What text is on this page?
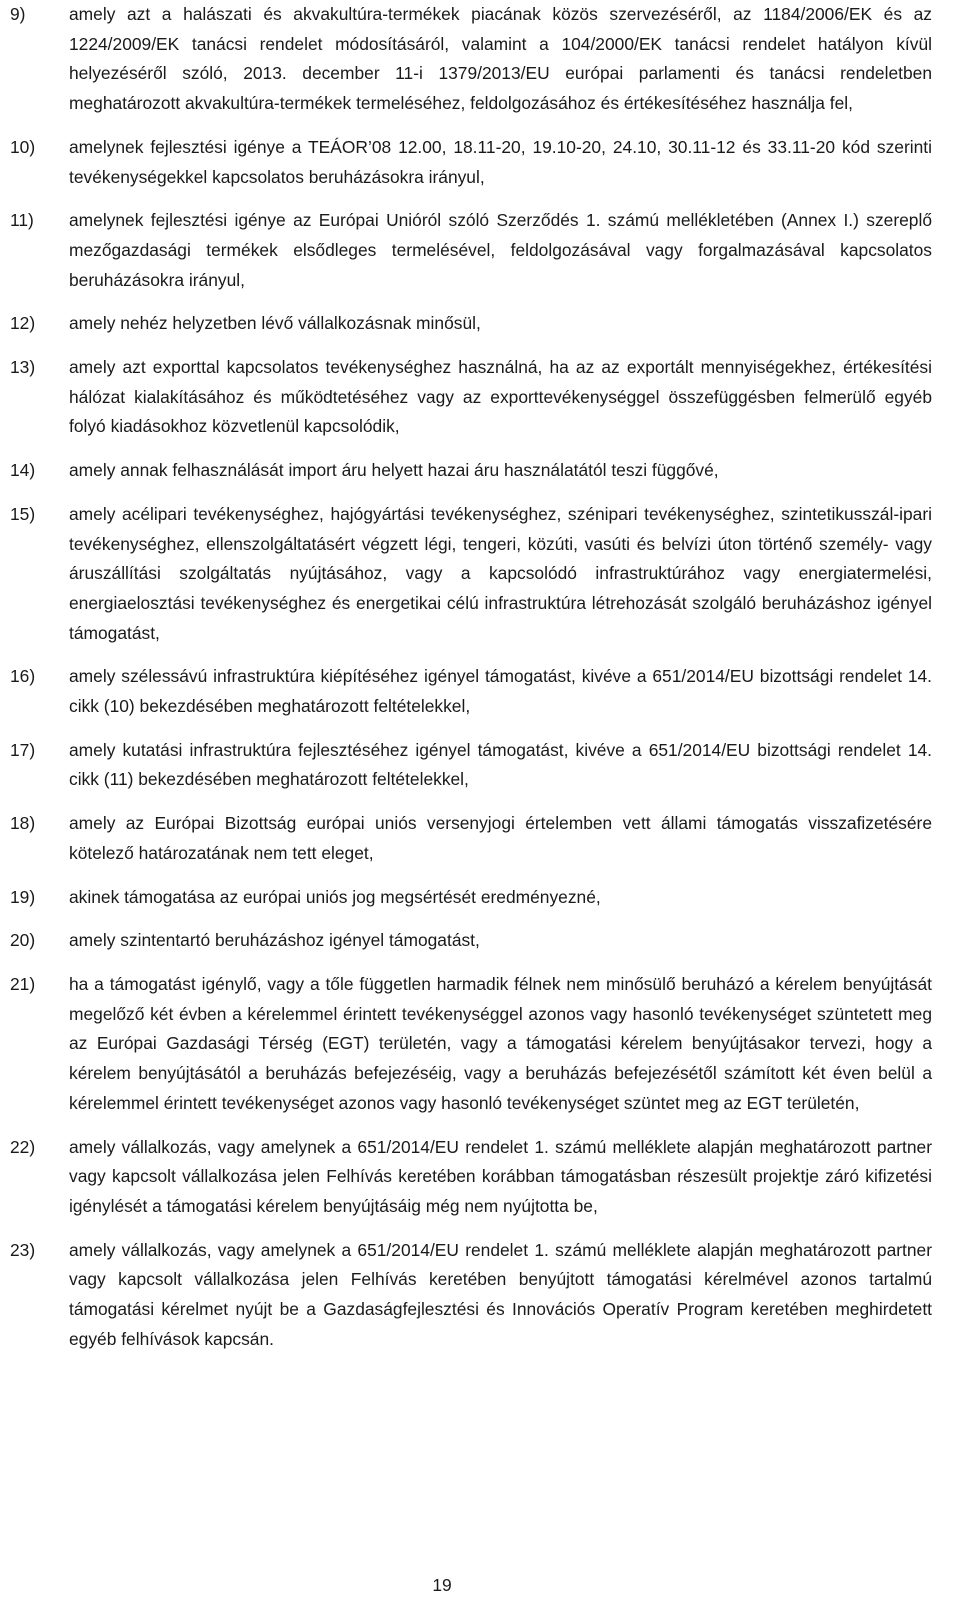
9)	amely azt a halászati és akvakultúra-termékek piacának közös szervezéséről, az 1184/2006/EK és az 1224/2009/EK tanácsi rendelet módosításáról, valamint a 104/2000/EK tanácsi rendelet hatályon kívül helyezéséről szóló, 2013. december 11-i 1379/2013/EU európai parlamenti és tanácsi rendeletben meghatározott akvakultúra-termékek termeléséhez, feldolgozásához és értékesítéséhez használja fel,
10)	amelynek fejlesztési igénye a TEÁOR’08 12.00, 18.11-20, 19.10-20, 24.10, 30.11-12 és 33.11-20 kód szerinti tevékenységekkel kapcsolatos beruházásokra irányul,
11)	amelynek fejlesztési igénye az Európai Unióról szóló Szerződés 1. számú mellékletében (Annex I.) szereplő mezőgazdasági termékek elsődleges termelésével, feldolgozásával vagy forgalmazásával kapcsolatos beruházásokra irányul,
12)	amely nehéz helyzetben lévő vállalkozásnak minősül,
13)	amely azt exporttal kapcsolatos tevékenységhez használná, ha az az exportált mennyiségekhez, értékesítési hálózat kialakításához és működtetéséhez vagy az exporttevékenységgel összefüggésben felmerülő egyéb folyó kiadásokhoz közvetlenül kapcsolódik,
14)	amely annak felhasználását import áru helyett hazai áru használatától teszi függővé,
15)	amely acélipari tevékenységhez, hajógyártási tevékenységhez, szénipari tevékenységhez, szintetikusszál-ipari tevékenységhez, ellenszolgáltatásért végzett légi, tengeri, közúti, vasúti és belvízi úton történő személy- vagy áruszállítási szolgáltatás nyújtásához, vagy a kapcsolódó infrastruktúrához vagy energiatermelési, energiaelosztási tevékenységhez és energetikai célú infrastruktúra létrehozását szolgáló beruházáshoz igényel támogatást,
16)	amely szélessávú infrastruktúra kiépítéséhez igényel támogatást, kivéve a 651/2014/EU bizottsági rendelet 14. cikk (10) bekezdésében meghatározott feltételekkel,
17)	amely kutatási infrastruktúra fejlesztéséhez igényel támogatást, kivéve a 651/2014/EU bizottsági rendelet 14. cikk (11) bekezdésében meghatározott feltételekkel,
18)	amely az Európai Bizottság európai uniós versenyjogi értelemben vett állami támogatás visszafizetésére kötelező határozatának nem tett eleget,
19)	akinek támogatása az európai uniós jog megsértését eredményezné,
20)	amely szintentartó beruházáshoz igényel támogatást,
21)	ha a támogatást igénylő, vagy a tőle független harmadik félnek nem minősülő beruházó a kérelem benyújtását megelőző két évben a kérelemmel érintett tevékenységgel azonos vagy hasonló tevékenységet szüntetett meg az Európai Gazdasági Térség (EGT) területén, vagy a támogatási kérelem benyújtásakor tervezi, hogy a kérelem benyújtásától a beruházás befejezéséig, vagy a beruházás befejezésétől számított két éven belül a kérelemmel érintett tevékenységet azonos vagy hasonló tevékenységet szüntet meg az EGT területén,
22)	amely vállalkozás, vagy amelynek a 651/2014/EU rendelet 1. számú melléklete alapján meghatározott partner vagy kapcsolt vállalkozása jelen Felhívás keretében korábban támogatásban részesült projektje záró kifizetési igénylését a támogatási kérelem benyújtásáig még nem nyújtotta be,
23)	amely vállalkozás, vagy amelynek a 651/2014/EU rendelet 1. számú melléklete alapján meghatározott partner vagy kapcsolt vállalkozása jelen Felhívás keretében benyújtott támogatási kérelmével azonos tartalmú támogatási kérelmet nyújt be a Gazdaságfejlesztési és Innovációs Operatív Program keretében meghirdetett egyéb felhívások kapcsán.
19
